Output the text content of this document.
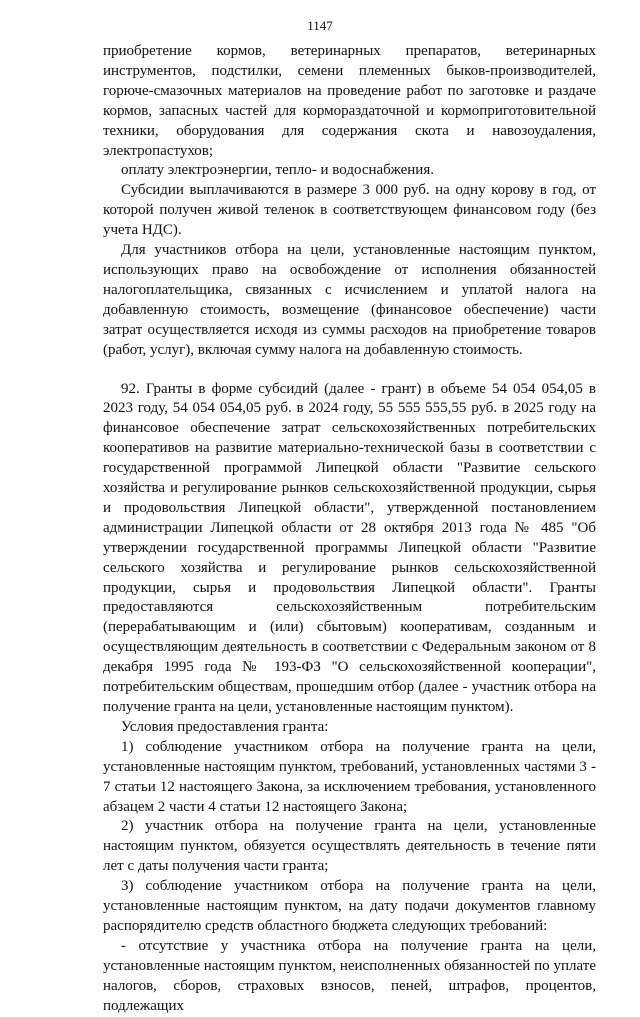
1147

приобретение кормов, ветеринарных препаратов, ветеринарных инструментов, подстилки, семени племенных быков-производителей, горюче-смазочных материалов на проведение работ по заготовке и раздаче кормов, запасных частей для кормораздаточной и кормоприготовительной техники, оборудования для содержания скота и навозоудаления, электропастухов;

оплату электроэнергии, тепло- и водоснабжения.

Субсидии выплачиваются в размере 3 000 руб. на одну корову в год, от которой получен живой теленок в соответствующем финансовом году (без учета НДС).

Для участников отбора на цели, установленные настоящим пунктом, использующих право на освобождение от исполнения обязанностей налогоплательщика, связанных с исчислением и уплатой налога на добавленную стоимость, возмещение (финансовое обеспечение) части затрат осуществляется исходя из суммы расходов на приобретение товаров (работ, услуг), включая сумму налога на добавленную стоимость.

92. Гранты в форме субсидий (далее - грант) в объеме 54 054 054,05 в 2023 году, 54 054 054,05 руб. в 2024 году, 55 555 555,55 руб. в 2025 году на финансовое обеспечение затрат сельскохозяйственных потребительских кооперативов на развитие материально-технической базы в соответствии с государственной программой Липецкой области "Развитие сельского хозяйства и регулирование рынков сельскохозяйственной продукции, сырья и продовольствия Липецкой области", утвержденной постановлением администрации Липецкой области от 28 октября 2013 года № 485 "Об утверждении государственной программы Липецкой области "Развитие сельского хозяйства и регулирование рынков сельскохозяйственной продукции, сырья и продовольствия Липецкой области". Гранты предоставляются сельскохозяйственным потребительским (перерабатывающим и (или) сбытовым) кооперативам, созданным и осуществляющим деятельность в соответствии с Федеральным законом от 8 декабря 1995 года № 193-ФЗ "О сельскохозяйственной кооперации", потребительским обществам, прошедшим отбор (далее - участник отбора на получение гранта на цели, установленные настоящим пунктом).

Условия предоставления гранта:

1) соблюдение участником отбора на получение гранта на цели, установленные настоящим пунктом, требований, установленных частями 3 - 7 статьи 12 настоящего Закона, за исключением требования, установленного абзацем 2 части 4 статьи 12 настоящего Закона;

2) участник отбора на получение гранта на цели, установленные настоящим пунктом, обязуется осуществлять деятельность в течение пяти лет с даты получения части гранта;

3) соблюдение участником отбора на получение гранта на цели, установленные настоящим пунктом, на дату подачи документов главному распорядителю средств областного бюджета следующих требований:

- отсутствие у участника отбора на получение гранта на цели, установленные настоящим пунктом, неисполненных обязанностей по уплате налогов, сборов, страховых взносов, пеней, штрафов, процентов, подлежащих
